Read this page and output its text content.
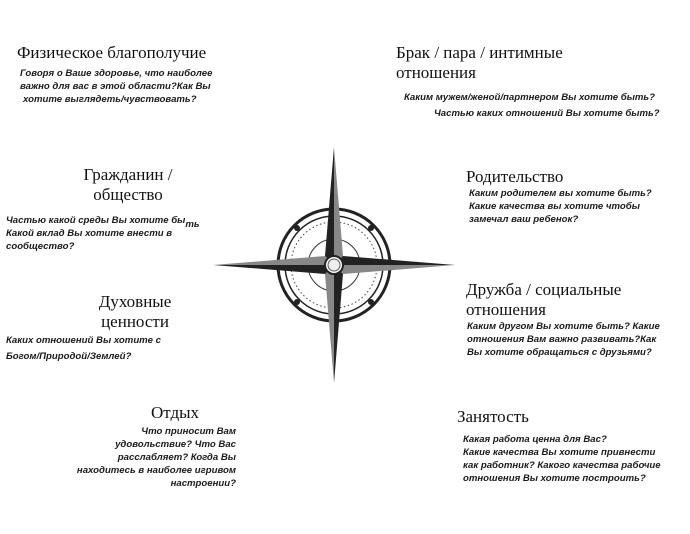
Физическое благополучие
Говоря о Ваше здоровье, что наиболее
важно для вас в этой области?Как Вы
хотите выглядеть/чувствовать?
Брак / пара / интимные
отношения
Каким мужем/женой/партнером Вы хотите быть?
Частью каких отношений Вы хотите быть?
Гражданин /
общество
Частью какой среды Вы хотите быть
Какой вклад Вы хотите внести в
сообщество?
Родительство
Каким родителем вы хотите быть?
Какие качества вы хотите чтобы
замечал ваш ребенок?
Духовные
ценности
Каких отношений Вы хотите с
Богом/Природой/Землей?
Дружба / социальные
отношения
Каким другом Вы хотите быть? Какие
отношения Вам важно развивать?Как
Вы хотите обращаться с друзьями?
Отдых
Что приносит Вам
удовольствие? Что Вас
расслабляет? Когда Вы
находитесь в наиболее игривом
настроении?
Занятость
Какая работа ценна для Вас?
Какие качества Вы хотите привнести
как работник? Какого качества рабочие
отношения Вы хотите построить?
